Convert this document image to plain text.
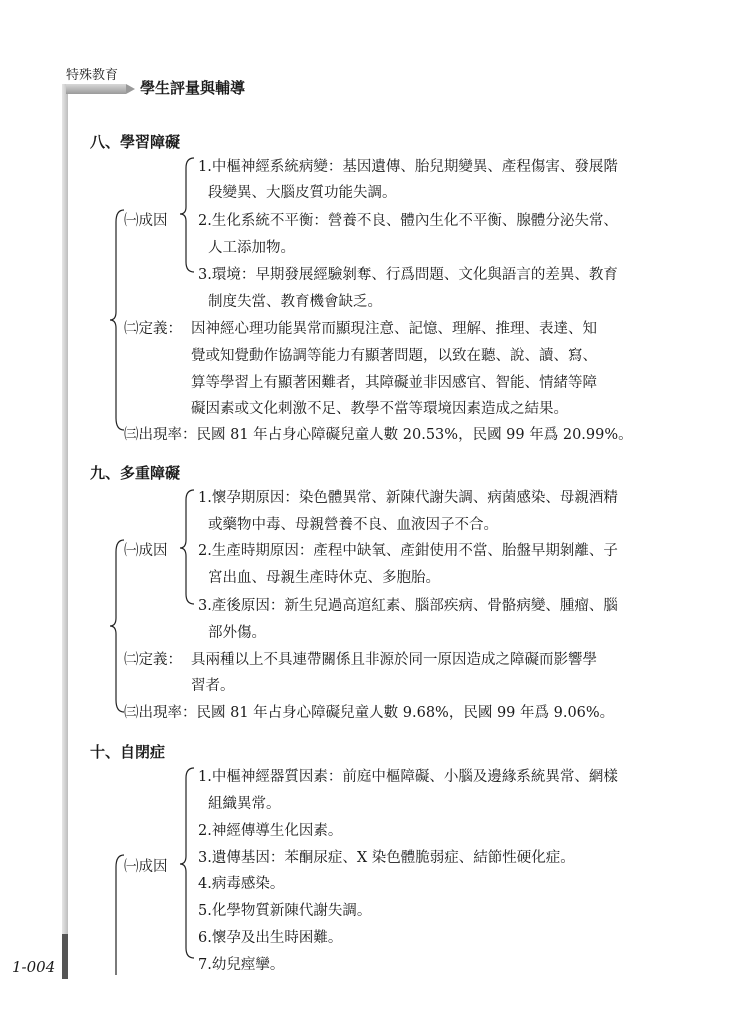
特殊教育
學生評量與輔導
1-004
八、學習障礙
㈠成因
1.中樞神經系統病變：基因遺傳、胎兒期變異、產程傷害、發展階
段變異、大腦皮質功能失調。
2.生化系統不平衡：營養不良、體內生化不平衡、腺體分泌失常、
人工添加物。
3.環境：早期發展經驗剝奪、行爲問題、文化與語言的差異、教育
制度失當、教育機會缺乏。
㈡定義： 因神經心理功能異常而顯現注意、記憶、理解、推理、表達、知
覺或知覺動作協調等能力有顯著問題，以致在聽、說、讀、寫、
算等學習上有顯著困難者，其障礙並非因感官、智能、情緒等障
礙因素或文化刺激不足、教學不當等環境因素造成之結果。
㈢出現率：民國 81 年占身心障礙兒童人數 20.53%，民國 99 年爲 20.99%。
九、多重障礙
㈠成因
1.懷孕期原因：染色體異常、新陳代謝失調、病菌感染、母親酒精
或藥物中毒、母親營養不良、血液因子不合。
2.生產時期原因：產程中缺氧、產鉗使用不當、胎盤早期剝離、子
宮出血、母親生產時休克、多胞胎。
3.產後原因：新生兒過高逭紅素、腦部疾病、骨骼病變、腫瘤、腦
部外傷。
㈡定義： 具兩種以上不具連帶關係且非源於同一原因造成之障礙而影響學
習者。
㈢出現率：民國 81 年占身心障礙兒童人數 9.68%，民國 99 年爲 9.06%。
十、自閉症
㈠成因
1.中樞神經器質因素：前庭中樞障礙、小腦及邊緣系統異常、網樣
組織異常。
2.神經傳導生化因素。
3.遺傳基因：苯酮尿症、X 染色體脆弱症、結節性硬化症。
4.病毒感染。
5.化學物質新陳代謝失調。
6.懷孕及出生時困難。
7.幼兒痙攣。
